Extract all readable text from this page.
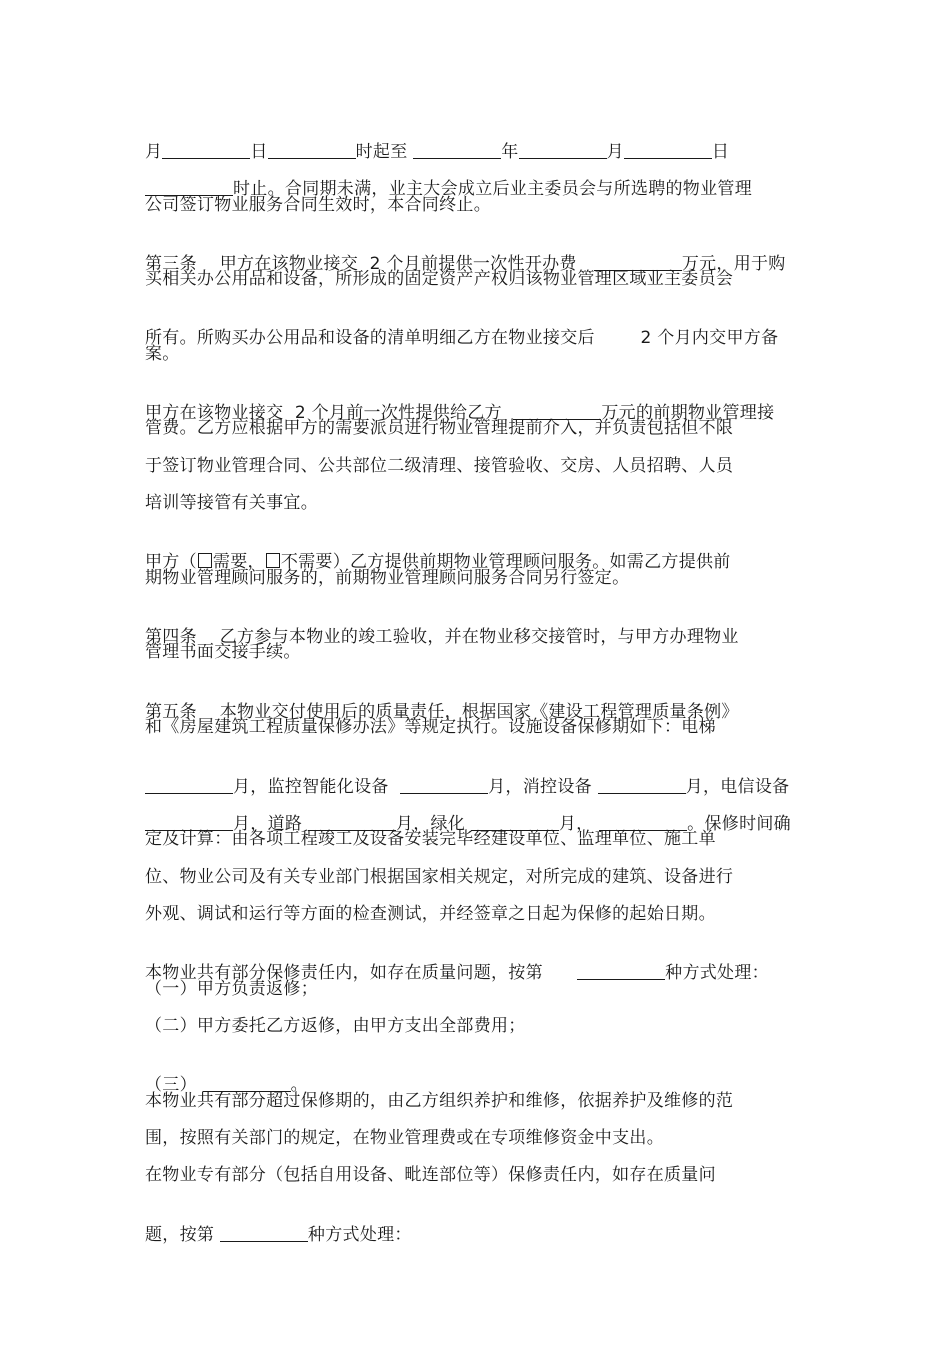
月	日	时起至	年	月	日

时止。合同期未满，业主大会成立后业主委员会与所选聘的物业管理

公司签订物业服务合同生效时，本合同终止。

第三条 甲方在该物业接交 2 个月前提供一次性开办费	万元，用于购

买相关办公用品和设备，所形成的固定资产产权归该物业管理区域业主委员会

所有。所购买办公用品和设备的清单明细乙方在物业接交后	2 个月内交甲方备

案。

甲方在该物业接交 2 个月前一次性提供给乙方	万元的前期物业管理接

管费。乙方应根据甲方的需要派员进行物业管理提前介入，并负责包括但不限
于签订物业管理合同、公共部位二级清理、接管验收、交房、人员招聘、人员
培训等接管有关事宜。

甲方（ 需要， 不需要）乙方提供前期物业管理顾问服务。如需乙方提供前

期物业管理顾问服务的，前期物业管理顾问服务合同另行签定。

第四条 乙方参与本物业的竣工验收，并在物业移交接管时，与甲方办理物业

管理书面交接手续。

第五条 本物业交付使用后的质量责任，根据国家《建设工程管理质量条例》

和《房屋建筑工程质量保修办法》等规定执行。设施设备保修期如下：电梯

月，监控智能化设备	月，消控设备	月，电信设备

月，道路	月，绿化	月，	。保修时间确

定及计算：由各项工程竣工及设备安装完毕经建设单位、监理单位、施工单
位、物业公司及有关专业部门根据国家相关规定，对所完成的建筑、设备进行
外观、调试和运行等方面的检查测试，并经签章之日起为保修的起始日期。

本物业共有部分保修责任内，如存在质量问题，按第	种方式处理：

（一）甲方负责返修；
（二）甲方委托乙方返修，由甲方支出全部费用；

（三）	。

本物业共有部分超过保修期的，由乙方组织养护和维修，依据养护及维修的范
围，按照有关部门的规定，在物业管理费或在专项维修资金中支出。
在物业专有部分（包括自用设备、毗连部位等）保修责任内，如存在质量问

题，按第	种方式处理：
